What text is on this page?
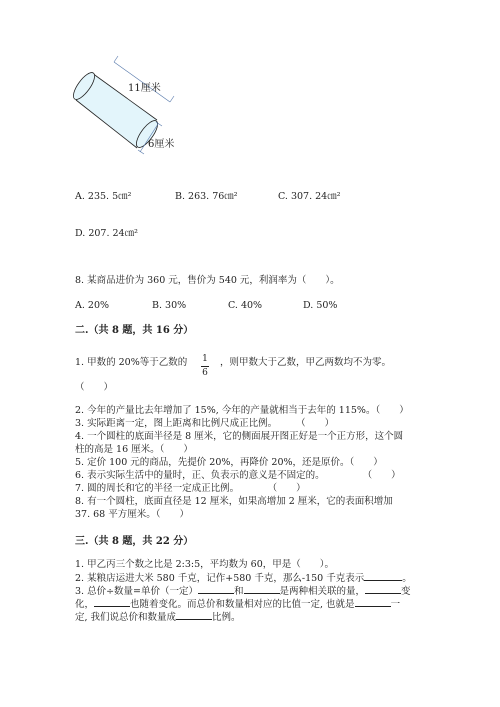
11厘米
6厘米
A. 235. 5㎝²	B. 263. 76㎝²	C. 307. 24㎝²
D. 207. 24㎝²
8. 某商品进价为 360 元，售价为 540 元，利润率为（　　）。
A. 20%	B. 30%	C. 40%	D. 50%
二.（共 8 题，共 16 分）
1. 甲数的 20%等于乙数的 1
6
，则甲数大于乙数，甲乙两数均不为零。
（　　）
2. 今年的产量比去年增加了 15%, 今年的产量就相当于去年的 115%。（　　）
3. 实际距离一定，图上距离和比例尺成正比例。　　　（　　）
4. 一个圆柱的底面半径是 8 厘米，它的侧面展开图正好是一个正方形，这个圆
柱的高是 16 厘米。（　　）
5. 定价 100 元的商品，先提价 20%，再降价 20%，还是原价。（　　）
6. 表示实际生活中的量时，正、负表示的意义是不固定的。　　　　　（　　）
7. 圆的周长和它的半径一定成正比例。　　　　（　　）
8. 有一个圆柱，底面直径是 12 厘米，如果高增加 2 厘米，它的表面积增加
37. 68 平方厘米。（　　）
三.（共 8 题，共 22 分）
1. 甲乙丙三个数之比是 2:3:5，平均数为 60，甲是（　　）。
2. 某粮店运进大米 580 千克，记作+580 千克，那么-150 千克表示	。
3. 总价÷数量=单价（一定）	和	是两种相关联的量，	变
化，	也随着变化。而总价和数量相对应的比值一定, 也就是	一
定, 我们说总价和数量成	比例。
